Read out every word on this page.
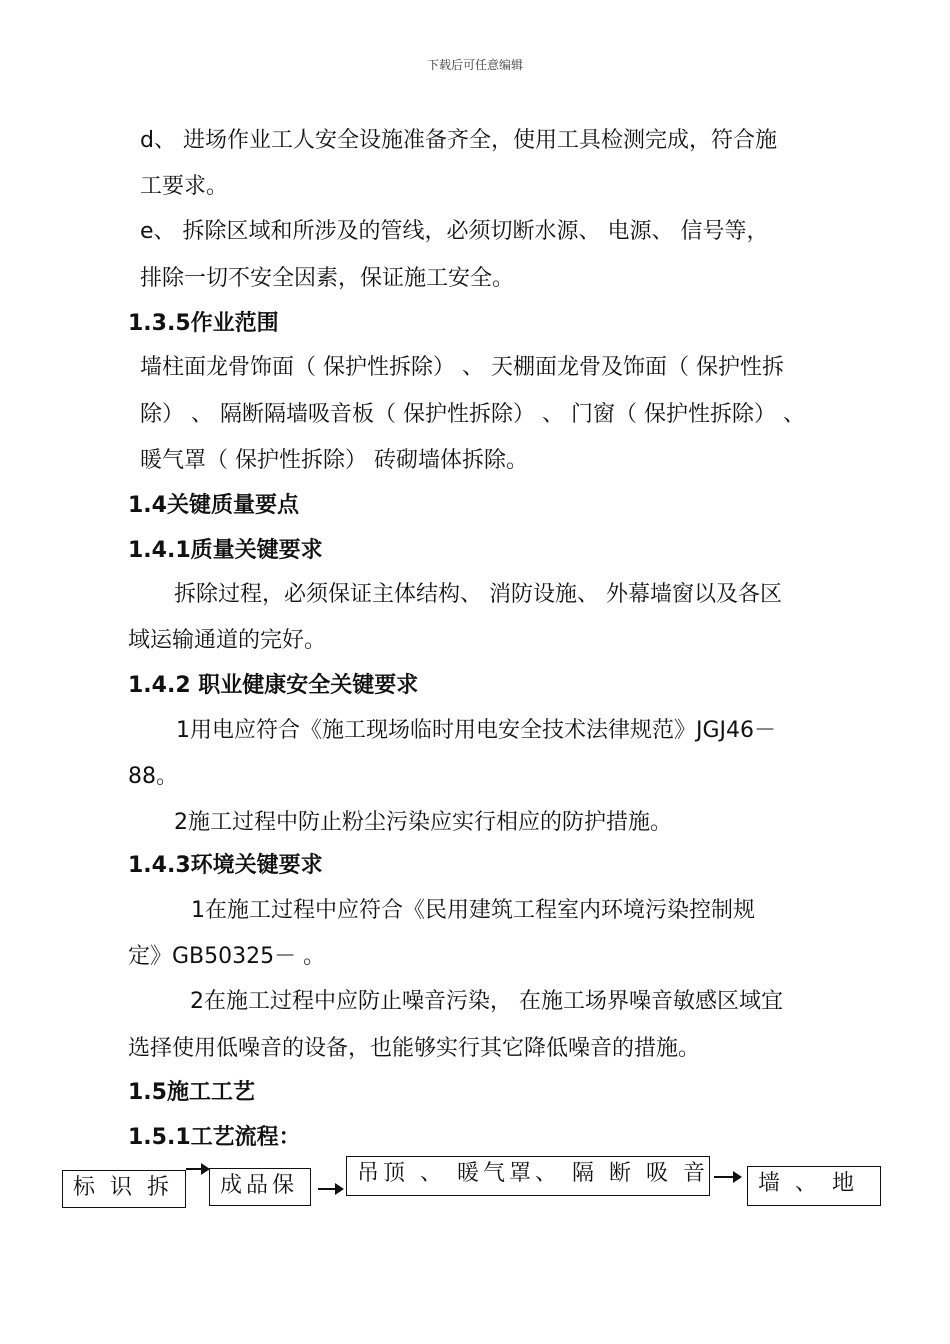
下载后可任意编辑
d、 进场作业工人安全设施准备齐全，使用工具检测完成，符合施
工要求。
e、 拆除区域和所涉及的管线，必须切断水源、 电源、 信号等，
排除一切不安全因素，保证施工安全。
1.3.5作业范围
墙柱面龙骨饰面（ 保护性拆除） 、 天棚面龙骨及饰面（ 保护性拆
除） 、 隔断隔墙吸音板（ 保护性拆除） 、 门窗（ 保护性拆除） 、
暖气罩（ 保护性拆除） 砖砌墙体拆除。
1.4关键质量要点
1.4.1质量关键要求
拆除过程，必须保证主体结构、 消防设施、 外幕墙窗以及各区
域运输通道的完好。
1.4.2 职业健康安全关键要求
1用电应符合《施工现场临时用电安全技术法律规范》JGJ46－
88。
2施工过程中防止粉尘污染应实行相应的防护措施。
1.4.3环境关键要求
1在施工过程中应符合《民用建筑工程室内环境污染控制规
定》GB50325－ 。
2在施工过程中应防止噪音污染， 在施工场界噪音敏感区域宜
选择使用低噪音的设备，也能够实行其它降低噪音的措施。
1.5施工工艺
1.5.1工艺流程：
标 识 拆	成品保	吊顶 、 暖气罩、 隔 断 吸 音	墙 、 地
